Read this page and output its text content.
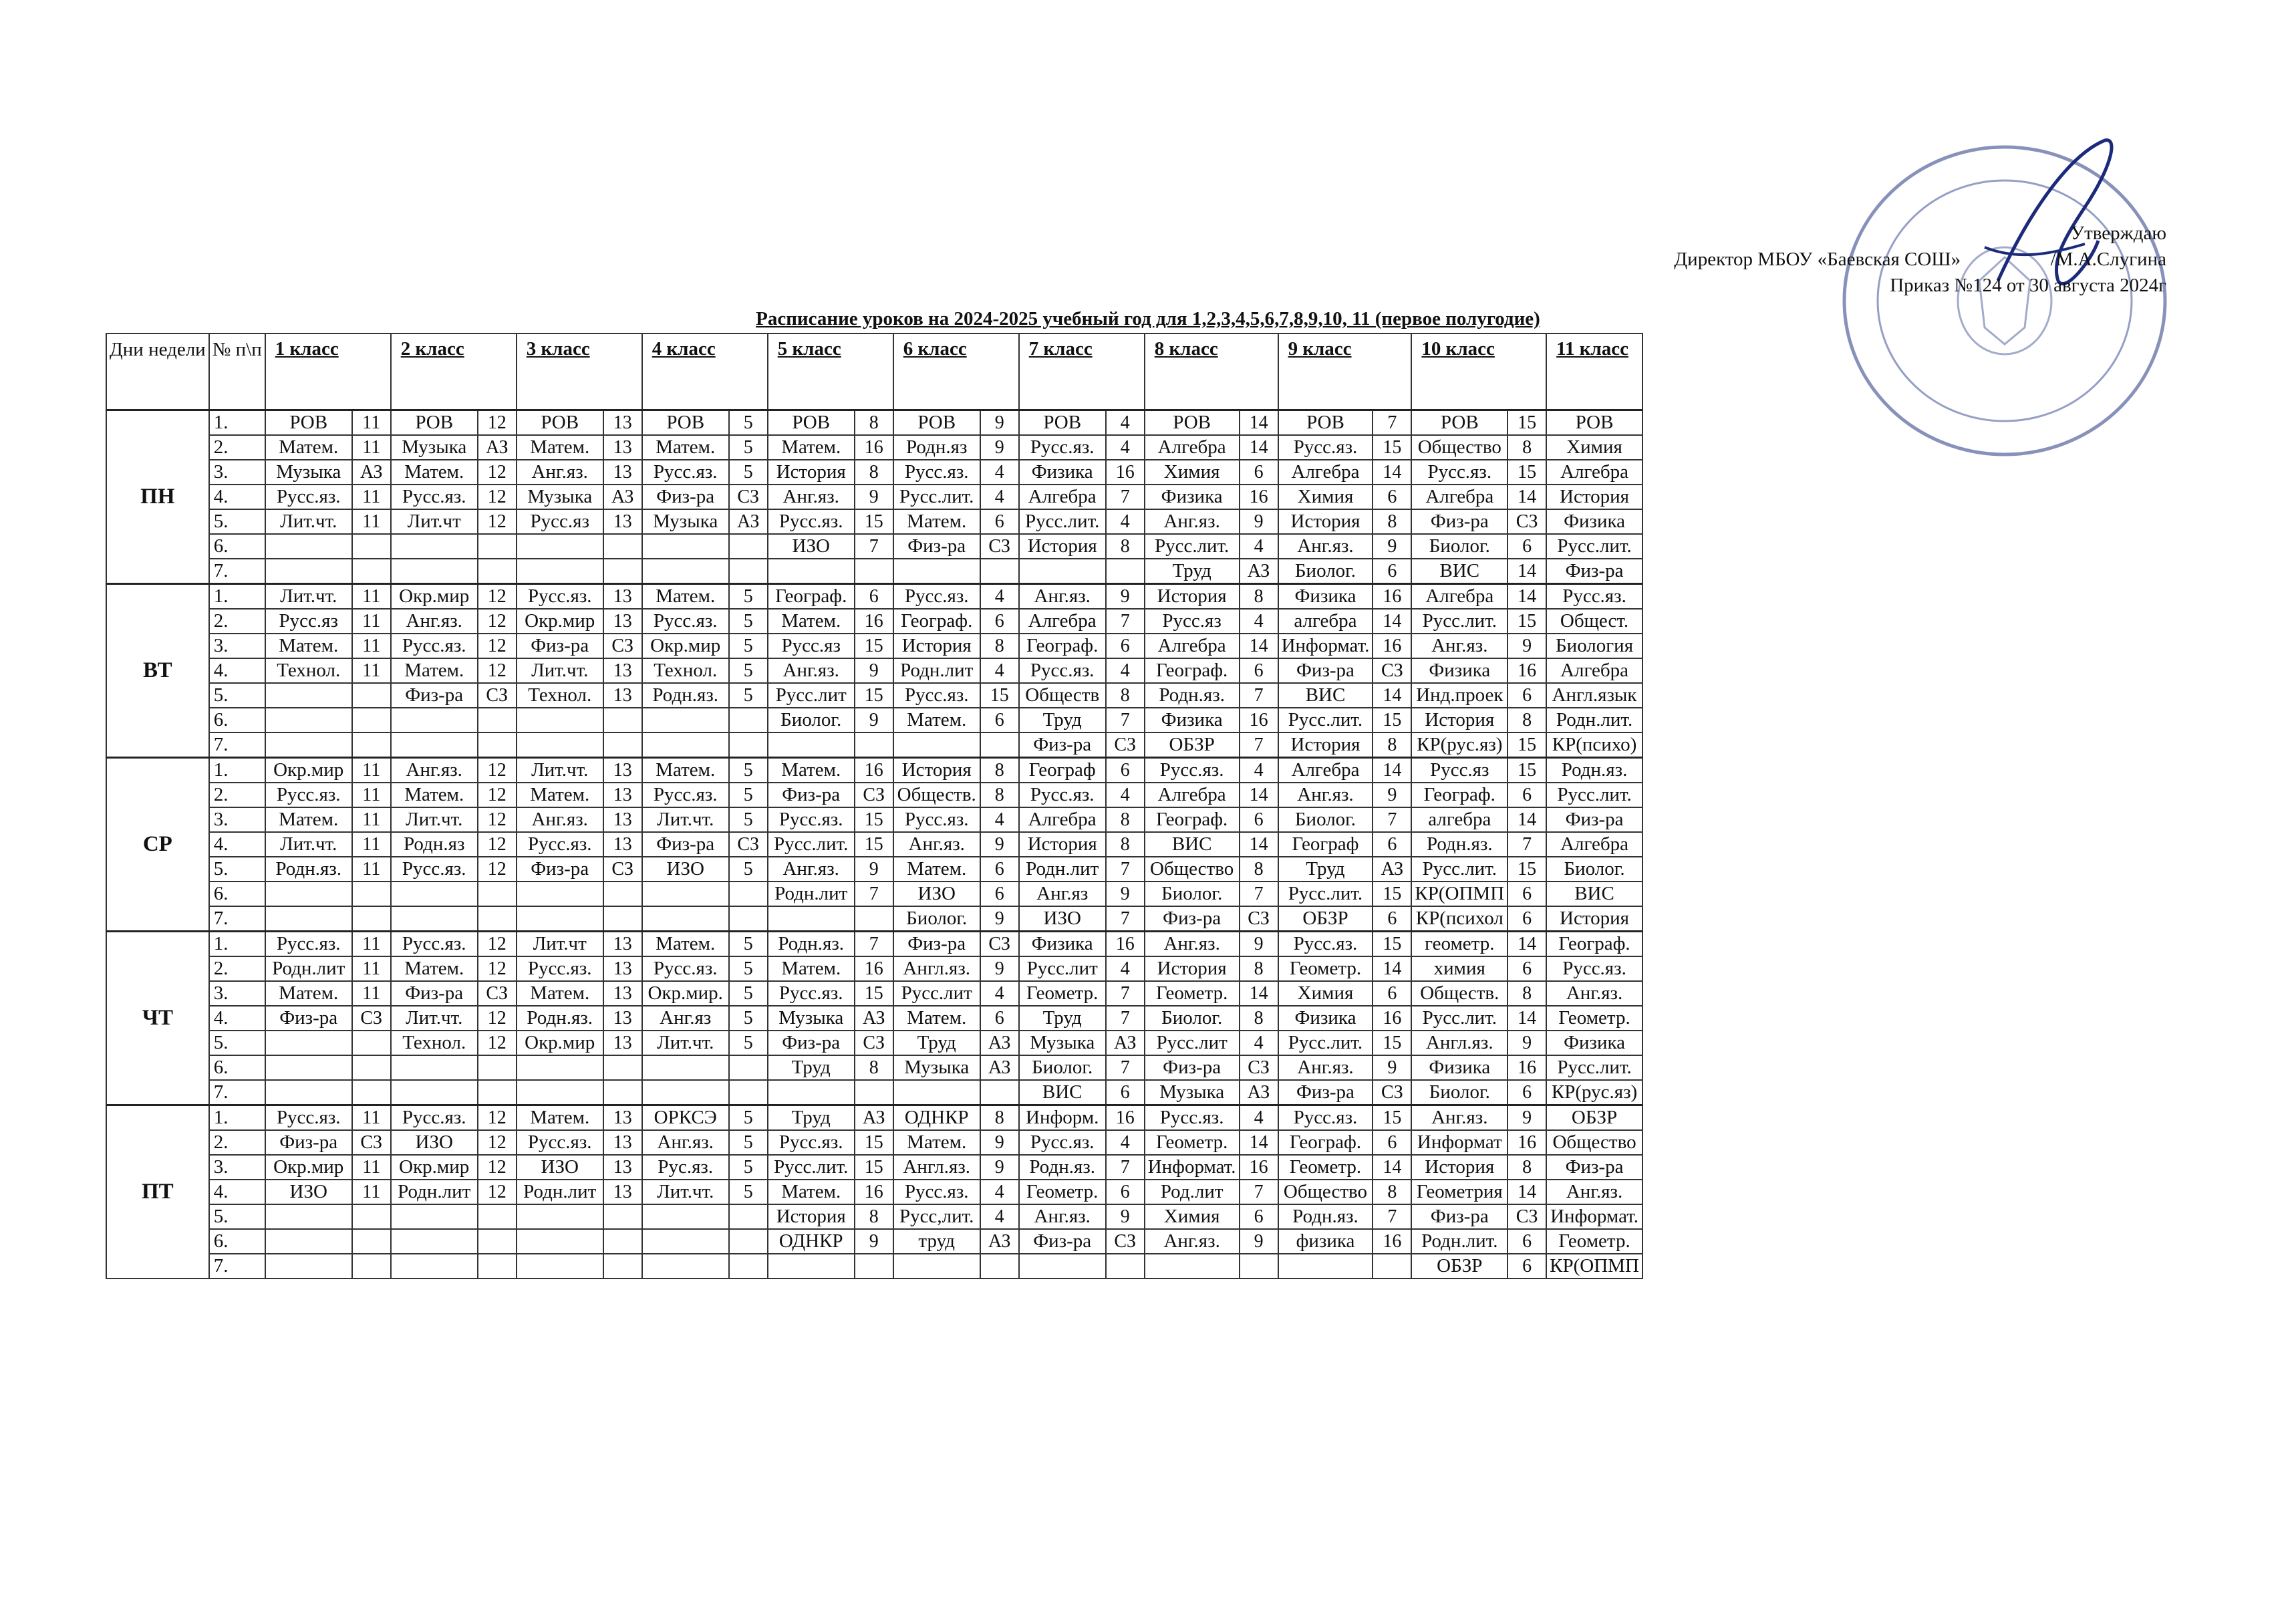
Утверждаю
Директор МБОУ «Баевская СОШ»	/М.А.Слугина
Приказ №124 от 30 августа 2024г
Расписание уроков на 2024-2025 учебный год для 1,2,3,4,5,6,7,8,9,10, 11 (первое полугодие)
Дни недели	№ п\п	1 класс		2 класс		3 класс		4 класс		5 класс		6 класс		7 класс		8 класс		9 класс		10 класс		11 класс
ПН	1.	РОВ	11	РОВ	12	РОВ	13	РОВ	5	РОВ	8	РОВ	9	РОВ	4	РОВ	14	РОВ	7	РОВ	15	РОВ
	2.	Матем.	11	Музыка	АЗ	Матем.	13	Матем.	5	Матем.	16	Родн.яз	9	Русс.яз.	4	Алгебра	14	Русс.яз.	15	Общество	8	Химия
	3.	Музыка	АЗ	Матем.	12	Анг.яз.	13	Русс.яз.	5	История	8	Русс.яз.	4	Физика	16	Химия	6	Алгебра	14	Русс.яз.	15	Алгебра
	4.	Русс.яз.	11	Русс.яз.	12	Музыка	АЗ	Физ-ра	СЗ	Анг.яз.	9	Русс.лит.	4	Алгебра	7	Физика	16	Химия	6	Алгебра	14	История
	5.	Лит.чт.	11	Лит.чт	12	Русс.яз	13	Музыка	АЗ	Русс.яз.	15	Матем.	6	Русс.лит.	4	Анг.яз.	9	История	8	Физ-ра	СЗ	Физика
	6.									ИЗО	7	Физ-ра	СЗ	История	8	Русс.лит.	4	Анг.яз.	9	Биолог.	6	Русс.лит.
	7.															Труд	АЗ	Биолог.	6	ВИС	14	Физ-ра
ВТ	1.	Лит.чт.	11	Окр.мир	12	Русс.яз.	13	Матем.	5	Географ.	6	Русс.яз.	4	Анг.яз.	9	История	8	Физика	16	Алгебра	14	Русс.яз.
	2.	Русс.яз	11	Анг.яз.	12	Окр.мир	13	Русс.яз.	5	Матем.	16	Географ.	6	Алгебра	7	Русс.яз	4	алгебра	14	Русс.лит.	15	Общест.
	3.	Матем.	11	Русс.яз.	12	Физ-ра	СЗ	Окр.мир	5	Русс.яз	15	История	8	Географ.	6	Алгебра	14	Информат.	16	Анг.яз.	9	Биология
	4.	Технол.	11	Матем.	12	Лит.чт.	13	Технол.	5	Анг.яз.	9	Родн.лит	4	Русс.яз.	4	Географ.	6	Физ-ра	СЗ	Физика	16	Алгебра
	5.			Физ-ра	СЗ	Технол.	13	Родн.яз.	5	Русс.лит	15	Русс.яз.	15	Обществ	8	Родн.яз.	7	ВИС	14	Инд.проек	6	Англ.язык
	6.									Биолог.	9	Матем.	6	Труд	7	Физика	16	Русс.лит.	15	История	8	Родн.лит.
	7.													Физ-ра	СЗ	ОБЗР	7	История	8	КР(рус.яз)	15	КР(психо)
СР	1.	Окр.мир	11	Анг.яз.	12	Лит.чт.	13	Матем.	5	Матем.	16	История	8	Географ	6	Русс.яз.	4	Алгебра	14	Русс.яз	15	Родн.яз.
	2.	Русс.яз.	11	Матем.	12	Матем.	13	Русс.яз.	5	Физ-ра	СЗ	Обществ.	8	Русс.яз.	4	Алгебра	14	Анг.яз.	9	Географ.	6	Русс.лит.
	3.	Матем.	11	Лит.чт.	12	Анг.яз.	13	Лит.чт.	5	Русс.яз.	15	Русс.яз.	4	Алгебра	8	Географ.	6	Биолог.	7	алгебра	14	Физ-ра
	4.	Лит.чт.	11	Родн.яз	12	Русс.яз.	13	Физ-ра	СЗ	Русс.лит.	15	Анг.яз.	9	История	8	ВИС	14	Географ	6	Родн.яз.	7	Алгебра
	5.	Родн.яз.	11	Русс.яз.	12	Физ-ра	СЗ	ИЗО	5	Анг.яз.	9	Матем.	6	Родн.лит	7	Общество	8	Труд	АЗ	Русс.лит.	15	Биолог.
	6.									Родн.лит	7	ИЗО	6	Анг.яз	9	Биолог.	7	Русс.лит.	15	КР(ОПМП	6	ВИС
	7.											Биолог.	9	ИЗО	7	Физ-ра	СЗ	ОБЗР	6	КР(психол	6	История
ЧТ	1.	Русс.яз.	11	Русс.яз.	12	Лит.чт	13	Матем.	5	Родн.яз.	7	Физ-ра	СЗ	Физика	16	Анг.яз.	9	Русс.яз.	15	геометр.	14	Географ.
	2.	Родн.лит	11	Матем.	12	Русс.яз.	13	Русс.яз.	5	Матем.	16	Англ.яз.	9	Русс.лит	4	История	8	Геометр.	14	химия	6	Русс.яз.
	3.	Матем.	11	Физ-ра	СЗ	Матем.	13	Окр.мир.	5	Русс.яз.	15	Русс.лит	4	Геометр.	7	Геометр.	14	Химия	6	Обществ.	8	Анг.яз.
	4.	Физ-ра	СЗ	Лит.чт.	12	Родн.яз.	13	Анг.яз	5	Музыка	АЗ	Матем.	6	Труд	7	Биолог.	8	Физика	16	Русс.лит.	14	Геометр.
	5.			Технол.	12	Окр.мир	13	Лит.чт.	5	Физ-ра	СЗ	Труд	АЗ	Музыка	АЗ	Русс.лит	4	Русс.лит.	15	Англ.яз.	9	Физика
	6.									Труд	8	Музыка	АЗ	Биолог.	7	Физ-ра	СЗ	Анг.яз.	9	Физика	16	Русс.лит.
	7.													ВИС	6	Музыка	АЗ	Физ-ра	СЗ	Биолог.	6	КР(рус.яз)
ПТ	1.	Русс.яз.	11	Русс.яз.	12	Матем.	13	ОРКСЭ	5	Труд	АЗ	ОДНКР	8	Информ.	16	Русс.яз.	4	Русс.яз.	15	Анг.яз.	9	ОБЗР
	2.	Физ-ра	СЗ	ИЗО	12	Русс.яз.	13	Анг.яз.	5	Русс.яз.	15	Матем.	9	Русс.яз.	4	Геометр.	14	Географ.	6	Информат	16	Общество
	3.	Окр.мир	11	Окр.мир	12	ИЗО	13	Рус.яз.	5	Русс.лит.	15	Англ.яз.	9	Родн.яз.	7	Информат.	16	Геометр.	14	История	8	Физ-ра
	4.	ИЗО	11	Родн.лит	12	Родн.лит	13	Лит.чт.	5	Матем.	16	Русс.яз.	4	Геометр.	6	Род.лит	7	Общество	8	Геометрия	14	Анг.яз.
	5.									История	8	Русс,лит.	4	Анг.яз.	9	Химия	6	Родн.яз.	7	Физ-ра	СЗ	Информат.
	6.									ОДНКР	9	труд	АЗ	Физ-ра	СЗ	Анг.яз.	9	физика	16	Родн.лит.	6	Геометр.
	7.																			ОБЗР	6	КР(ОПМП
